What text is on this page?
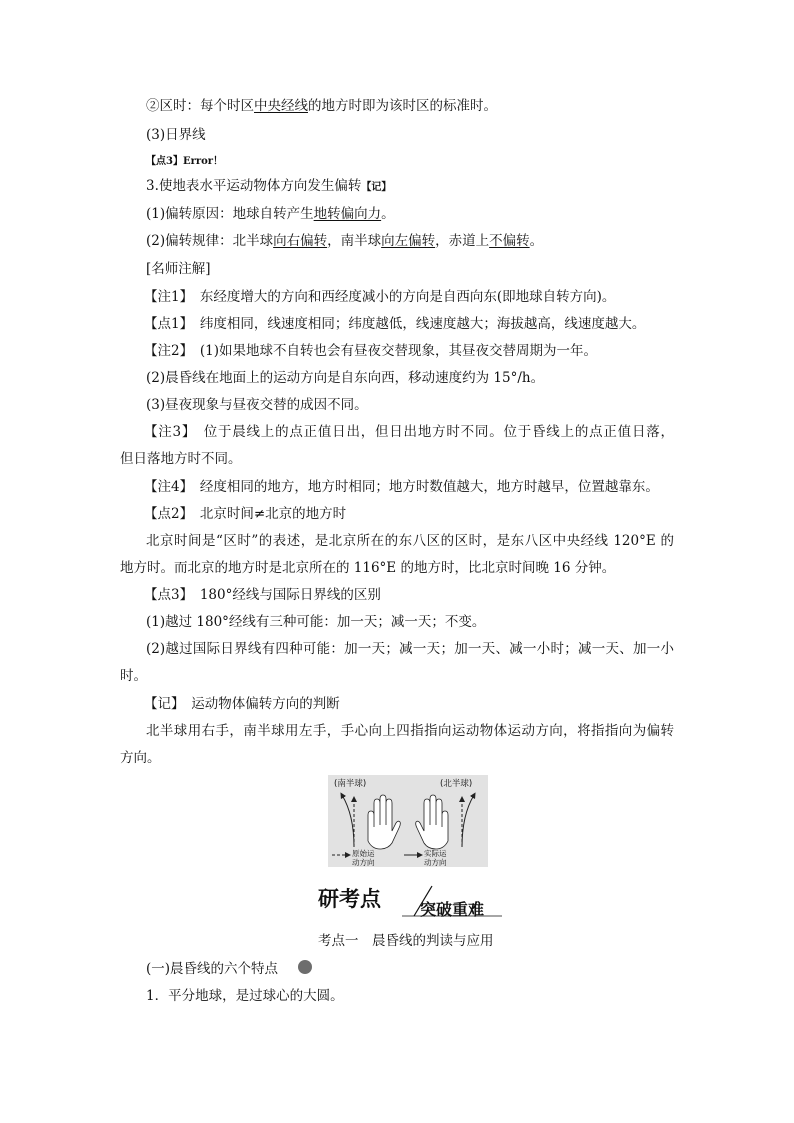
②区时：每个时区中央经线的地方时即为该时区的标准时。
(3)日界线
【点3】Error！
3.使地表水平运动物体方向发生偏转【记】
(1)偏转原因：地球自转产生地转偏向力。
(2)偏转规律：北半球向右偏转，南半球向左偏转，赤道上不偏转。
[名师注解]
【注1】　东经度增大的方向和西经度减小的方向是自西向东(即地球自转方向)。
【点1】　纬度相同，线速度相同；纬度越低，线速度越大；海拔越高，线速度越大。
【注2】　(1)如果地球不自转也会有昼夜交替现象，其昼夜交替周期为一年。
(2)晨昏线在地面上的运动方向是自东向西，移动速度约为 15°/h。
(3)昼夜现象与昼夜交替的成因不同。
【注3】　位于晨线上的点正值日出，但日出地方时不同。位于昏线上的点正值日落，
但日落地方时不同。
【注4】　经度相同的地方，地方时相同；地方时数值越大，地方时越早，位置越靠东。
【点2】　北京时间≠北京的地方时
北京时间是“区时”的表述，是北京所在的东八区的区时，是东八区中央经线 120°E 的
地方时。而北京的地方时是北京所在的 116°E 的地方时，比北京时间晚 16 分钟。
【点3】　180°经线与国际日界线的区别
(1)越过 180°经线有三种可能：加一天；减一天；不变。
(2)越过国际日界线有四种可能：加一天；减一天；加一天、减一小时；减一天、加一小
时。
【记】　运动物体偏转方向的判断
北半球用右手，南半球用左手，手心向上四指指向运动物体运动方向，将指指向为偏转
方向。
(南半球)	(北半球)
原始运
动方向
实际运
动方向
研考点 突破重难
考点一　晨昏线的判读与应用
(一)晨昏线的六个特点
1．平分地球，是过球心的大圆。
